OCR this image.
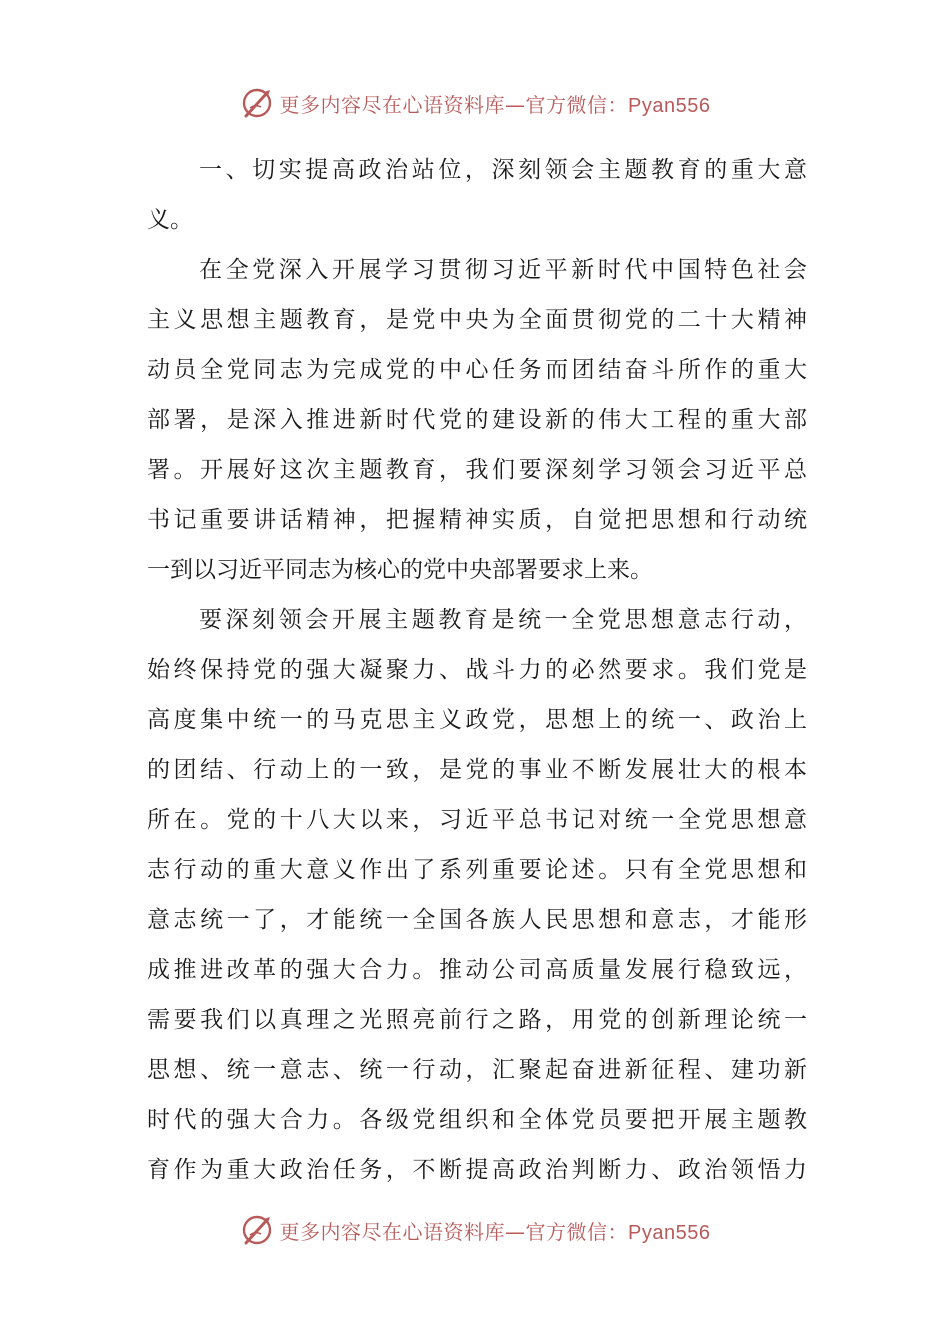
更多内容尽在心语资料库—官方微信：Pyan556
一、切实提高政治站位，深刻领会主题教育的重大意
义。
在全党深入开展学习贯彻习近平新时代中国特色社会
主义思想主题教育，是党中央为全面贯彻党的二十大精神
动员全党同志为完成党的中心任务而团结奋斗所作的重大
部署，是深入推进新时代党的建设新的伟大工程的重大部
署。开展好这次主题教育，我们要深刻学习领会习近平总
书记重要讲话精神，把握精神实质，自觉把思想和行动统
一到以习近平同志为核心的党中央部署要求上来。
要深刻领会开展主题教育是统一全党思想意志行动，
始终保持党的强大凝聚力、战斗力的必然要求。我们党是
高度集中统一的马克思主义政党，思想上的统一、政治上
的团结、行动上的一致，是党的事业不断发展壮大的根本
所在。党的十八大以来，习近平总书记对统一全党思想意
志行动的重大意义作出了系列重要论述。只有全党思想和
意志统一了，才能统一全国各族人民思想和意志，才能形
成推进改革的强大合力。推动公司高质量发展行稳致远，
需要我们以真理之光照亮前行之路，用党的创新理论统一
思想、统一意志、统一行动，汇聚起奋进新征程、建功新
时代的强大合力。各级党组织和全体党员要把开展主题教
育作为重大政治任务，不断提高政治判断力、政治领悟力
更多内容尽在心语资料库—官方微信：Pyan556
